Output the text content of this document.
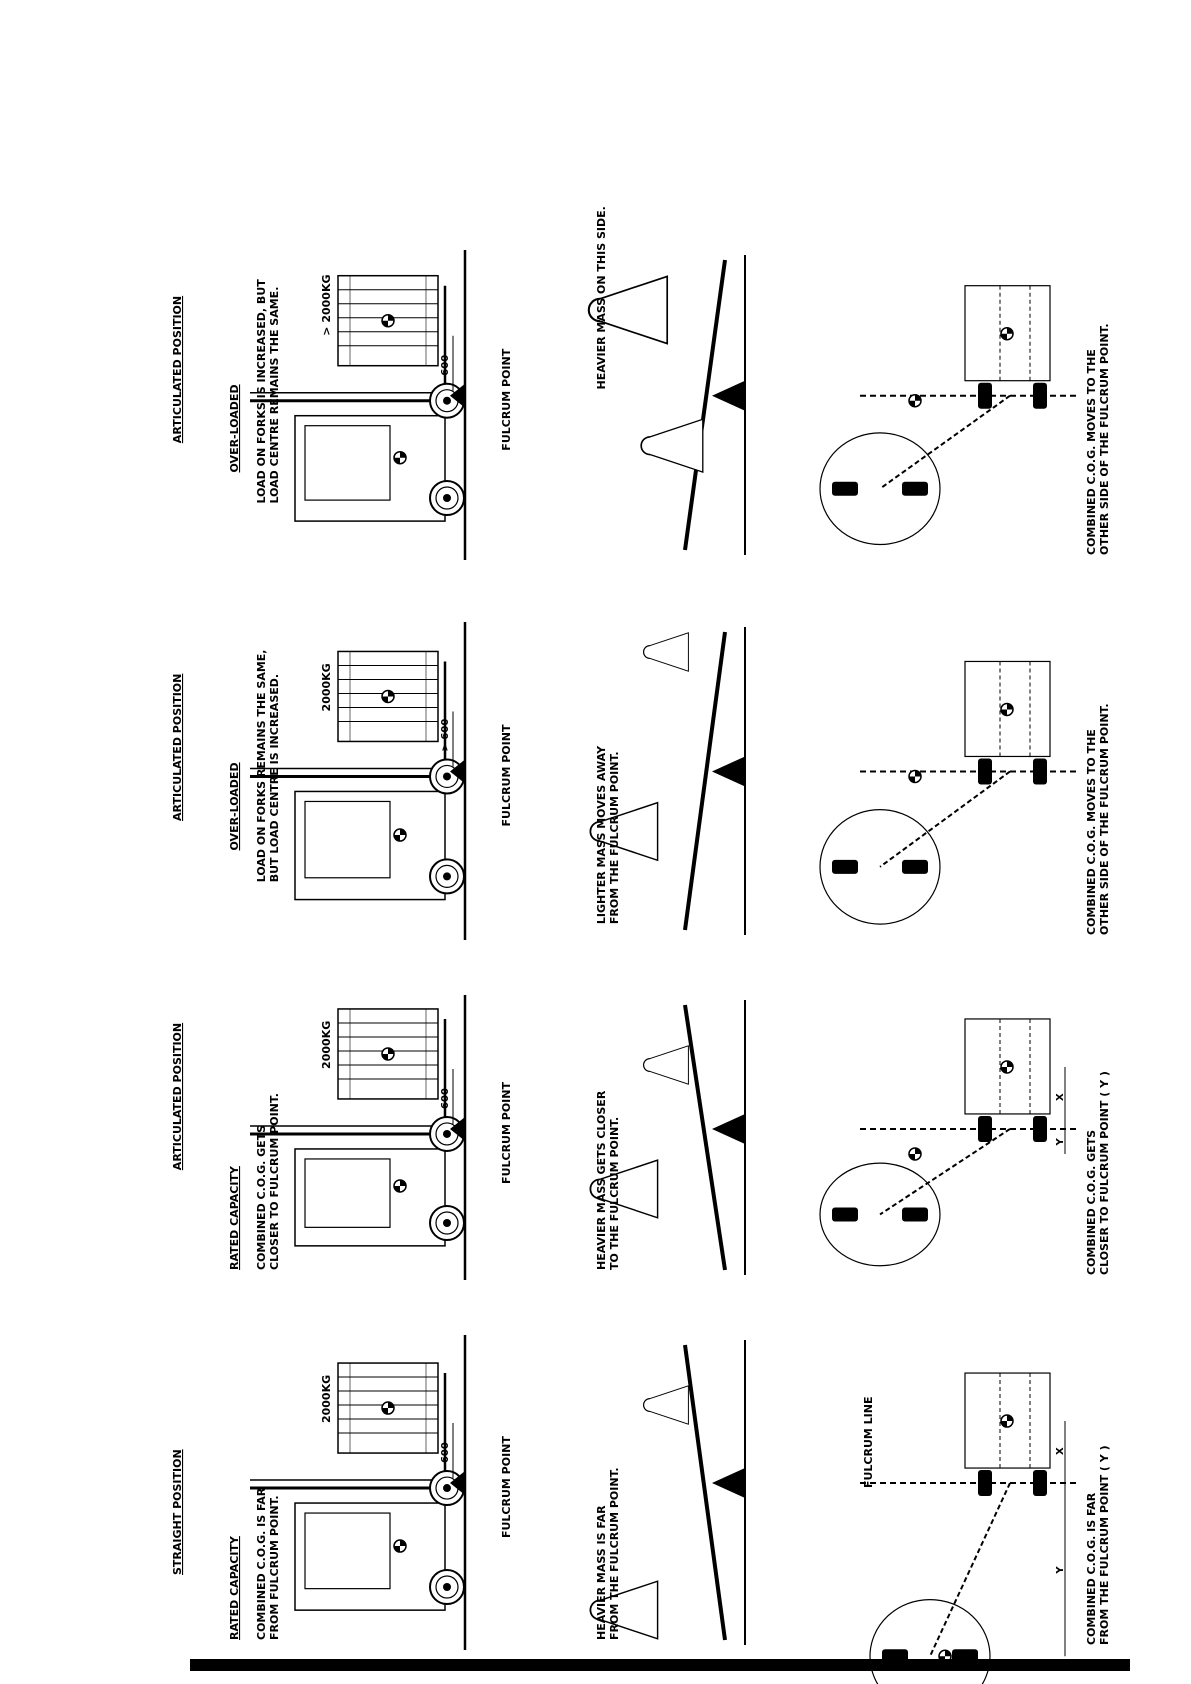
STRAIGHT POSITION
RATED CAPACITY COMBINED C.O.G. IS FAR FROM FULCRUM POINT.
2000KG
600	FULCRUM POINT
HEAVIER MASS IS FAR FROM THE FULCRUM POINT.
X
Y
FULCRUM LINE
COMBINED C.O.G. IS FAR FROM THE FULCRUM POINT ( Y )
ARTICULATED POSITION
RATED CAPACITY COMBINED C.O.G. GETS CLOSER TO FULCRUM POINT.
2000KG
600	FULCRUM POINT	HEAVIER MASS GETS CLOSER TO THE FULCRUM POINT.
X
Y COMBINED C.O.G. GETS CLOSER TO FULCRUM POINT ( Y )
ARTICULATED POSITION	OVER-LOADED LOAD ON FORKS REMAINS THE SAME, BUT LOAD CENTRE IS INCREASED.	2000KG
> 600	FULCRUM POINT	LIGHTER MASS MOVES AWAY FROM THE FULCRUM POINT.	COMBINED C.O.G. MOVES TO THE OTHER SIDE OF THE FULCRUM POINT.
ARTICULATED POSITION	OVER-LOADED LOAD ON FORKS IS INCREASED, BUT LOAD CENTRE REMAINS THE SAME.	> 2000KG
600	FULCRUM POINT
HEAVIER MASS ON THIS SIDE.
COMBINED C.O.G. MOVES TO THE OTHER SIDE OF THE FULCRUM POINT.
